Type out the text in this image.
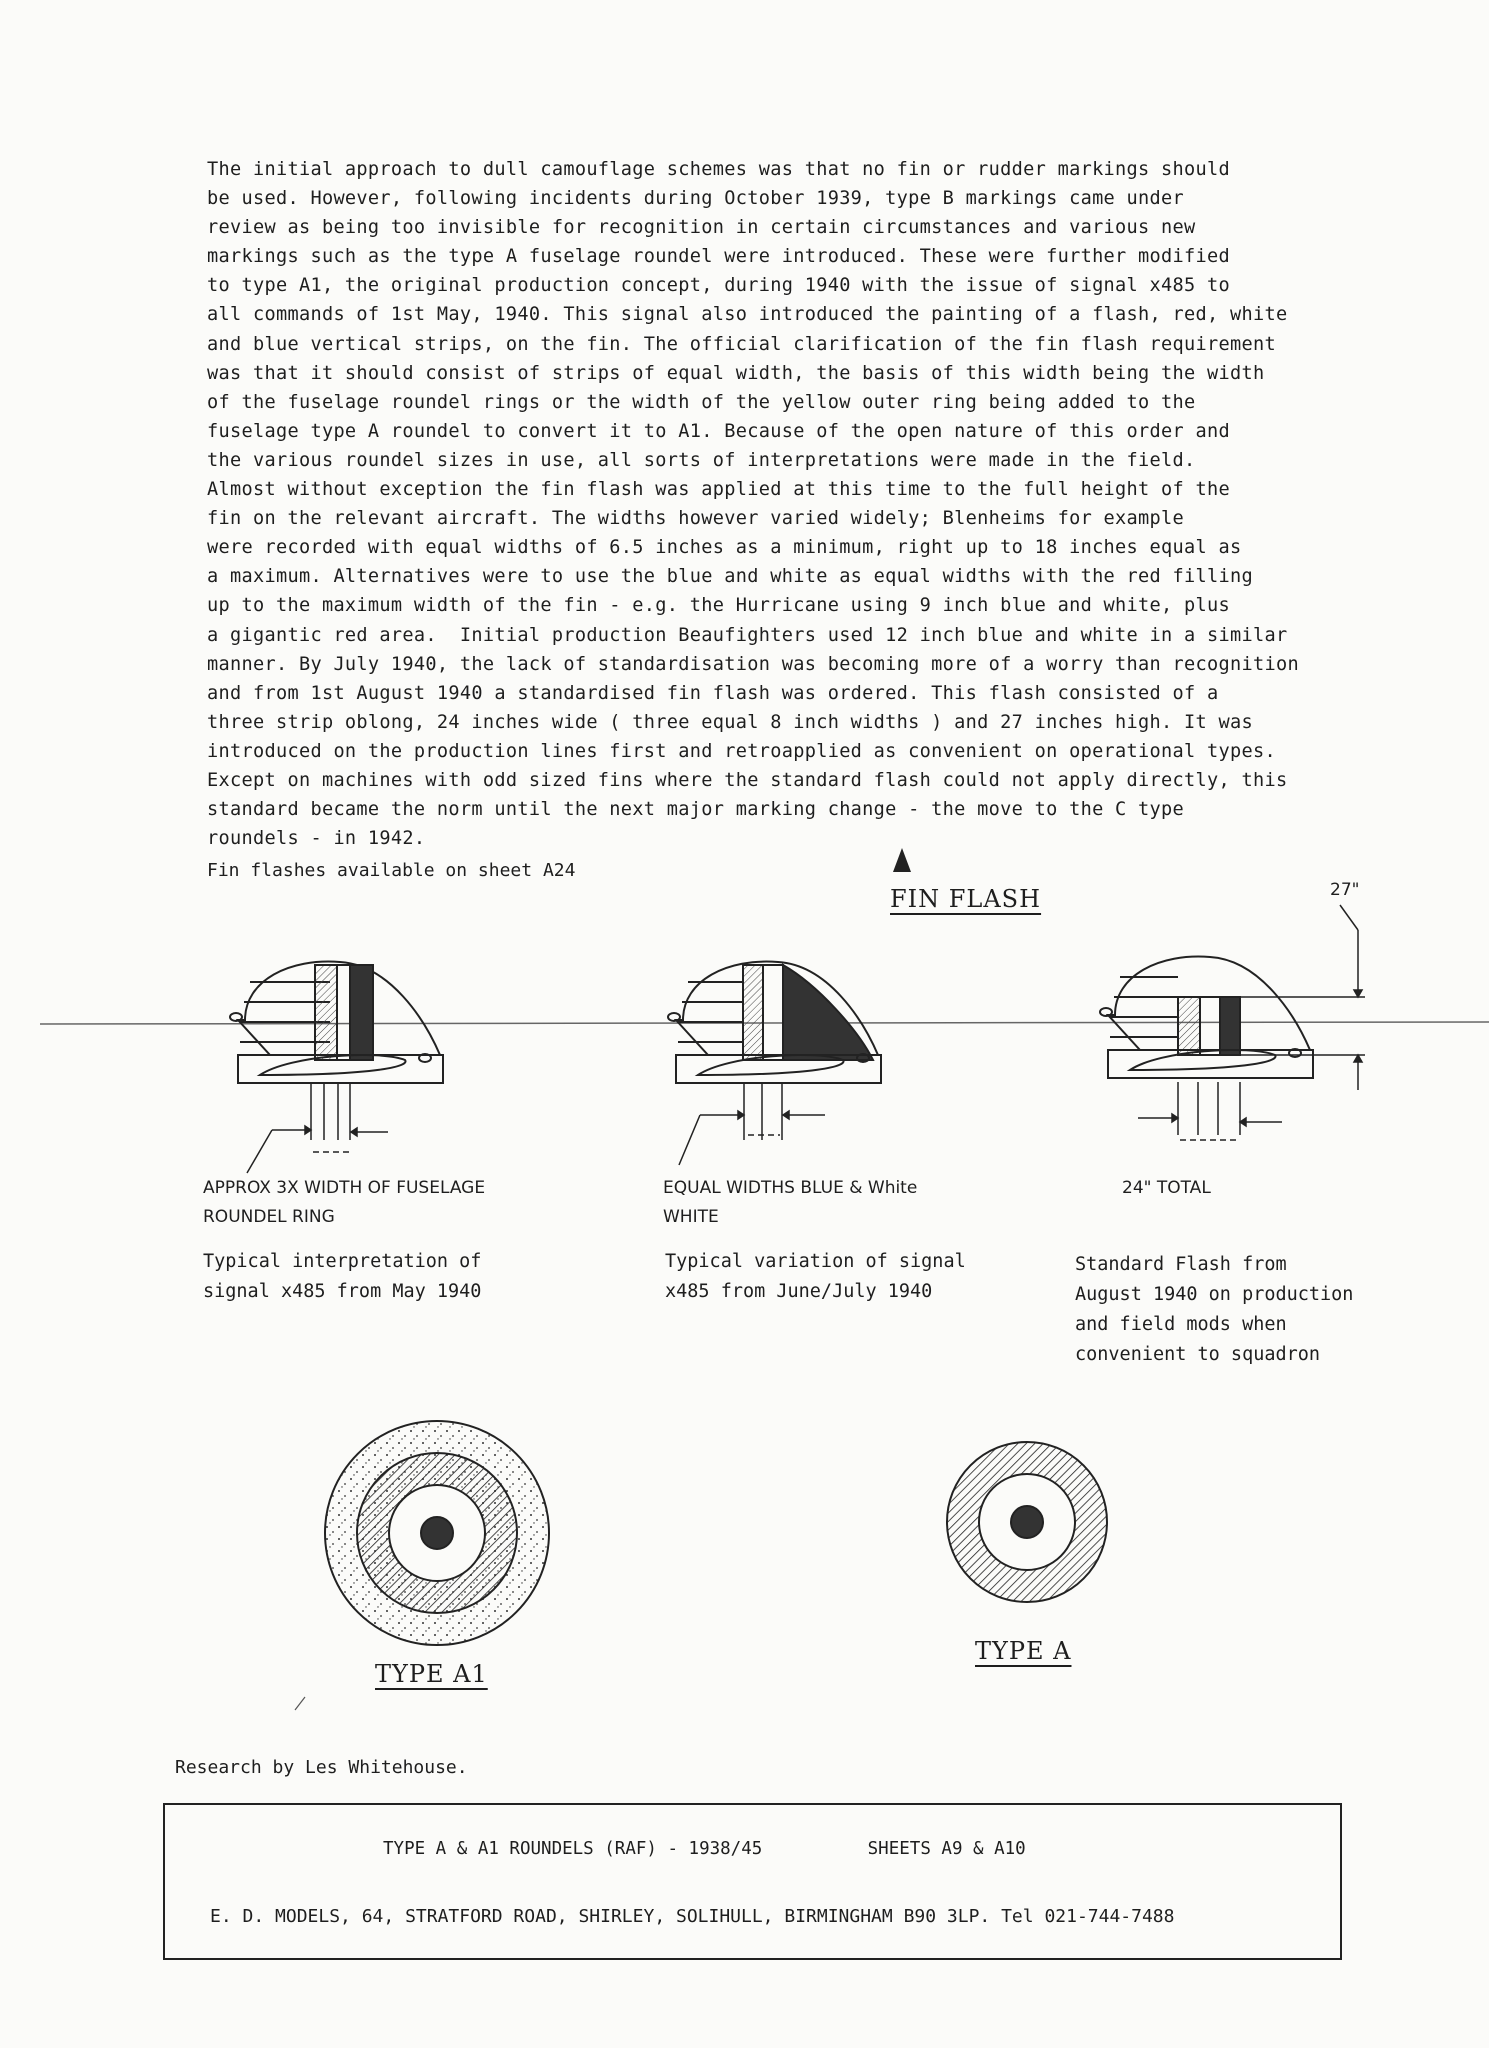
The initial approach to dull camouflage schemes was that no fin or rudder markings should

be used. However, following incidents during October 1939, type B markings came under

review as being too invisible for recognition in certain circumstances and various new

markings such as the type A fuselage roundel were introduced. These were further modified

to type A1, the original production concept, during 1940 with the issue of signal x485 to

all commands of 1st May, 1940. This signal also introduced the painting of a flash, red, white

and blue vertical strips, on the fin. The official clarification of the fin flash requirement

was that it should consist of strips of equal width, the basis of this width being the width

of the fuselage roundel rings or the width of the yellow outer ring being added to the

fuselage type A roundel to convert it to A1. Because of the open nature of this order and

the various roundel sizes in use, all sorts of interpretations were made in the field.

Almost without exception the fin flash was applied at this time to the full height of the

fin on the relevant aircraft. The widths however varied widely; Blenheims for example

were recorded with equal widths of 6.5 inches as a minimum, right up to 18 inches equal as

a maximum. Alternatives were to use the blue and white as equal widths with the red filling

up to the maximum width of the fin - e.g. the Hurricane using 9 inch blue and white, plus

a gigantic red area.  Initial production Beaufighters used 12 inch blue and white in a similar

manner. By July 1940, the lack of standardisation was becoming more of a worry than recognition

and from 1st August 1940 a standardised fin flash was ordered. This flash consisted of a

three strip oblong, 24 inches wide ( three equal 8 inch widths ) and 27 inches high. It was

introduced on the production lines first and retroapplied as convenient on operational types.

Except on machines with odd sized fins where the standard flash could not apply directly, this

standard became the norm until the next major marking change - the move to the C type

roundels - in 1942.

Fin flashes available on sheet A24
FIN FLASH	27"
APPROX 3X WIDTH OF FUSELAGE
ROUNDEL RING
EQUAL WIDTHS BLUE & White
WHITE
24" TOTAL
Typical interpretation of
signal x485 from May 1940
Typical variation of signal
x485 from June/July 1940
Standard Flash from
August 1940 on production
and field mods when
convenient to squadron
TYPE A1
TYPE A
Research by Les Whitehouse.
TYPE A & A1 ROUNDELS (RAF) - 1938/45          SHEETS A9 & A10
E. D. MODELS, 64, STRATFORD ROAD, SHIRLEY, SOLIHULL, BIRMINGHAM B90 3LP. Tel 021-744-7488
